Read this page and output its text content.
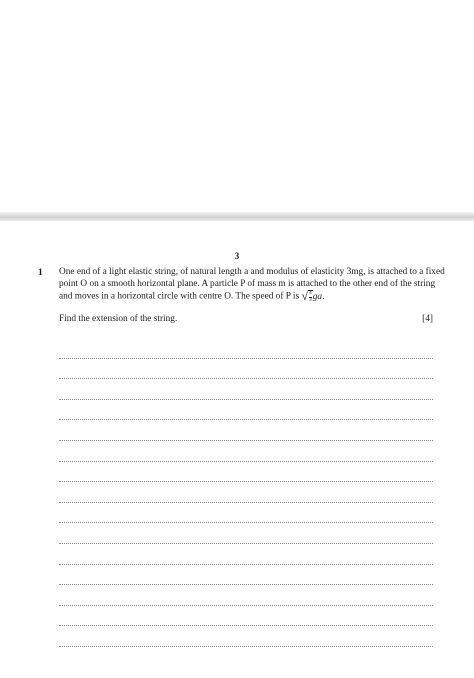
3
1 One end of a light elastic string, of natural length a and modulus of elasticity 3mg, is attached to a fixed
point O on a smooth horizontal plane. A particle P of mass m is attached to the other end of the string
and moves in a horizontal circle with centre O. The speed of P is √ $\frac{4}{3}$ ga.
Find the extension of the string.	[4]
